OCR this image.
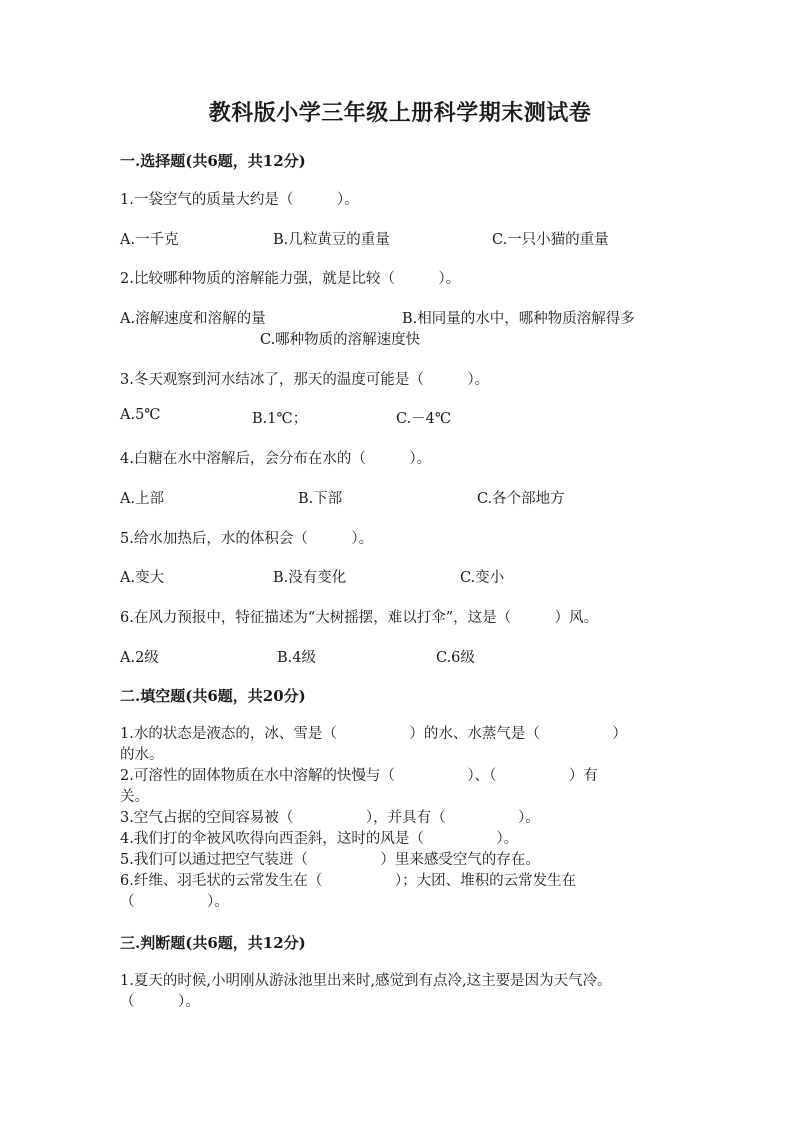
教科版小学三年级上册科学期末测试卷
一.选择题(共6题，共12分)
1.一袋空气的质量大约是（　　　）。
A.一千克	B.几粒黄豆的重量	C.一只小猫的重量
2.比较哪种物质的溶解能力强，就是比较（　　　）。
A.溶解速度和溶解的量	B.相同量的水中，哪种物质溶解得多
C.哪种物质的溶解速度快
3.冬天观察到河水结冰了，那天的温度可能是（　　　）。
A.5℃	B.1℃；	C.－4℃
4.白糖在水中溶解后，会分布在水的（　　　）。
A.上部	B.下部	C.各个部地方
5.给水加热后，水的体积会（　　　）。
A.变大	B.没有变化	C.变小
6.在风力预报中，特征描述为“大树摇摆，难以打伞”，这是（　　　）风。
A.2级	B.4级	C.6级
二.填空题(共6题，共20分)
1.水的状态是液态的，冰、雪是（　　　　　）的水、水蒸气是（　　　　　）
的水。
2.可溶性的固体物质在水中溶解的快慢与（　　　　　）、（　　　　　）有
关。
3.空气占据的空间容易被（　　　　　），并具有（　　　　　）。
4.我们打的伞被风吹得向西歪斜，这时的风是（　　　　　）。
5.我们可以通过把空气装进（　　　　　）里来感受空气的存在。
6.纤维、羽毛状的云常发生在（　　　　　）；大团、堆积的云常发生在
（　　　　　）。
三.判断题(共6题，共12分)
1.夏天的时候,小明刚从游泳池里出来时,感觉到有点冷,这主要是因为天气冷。
（　　　）。
